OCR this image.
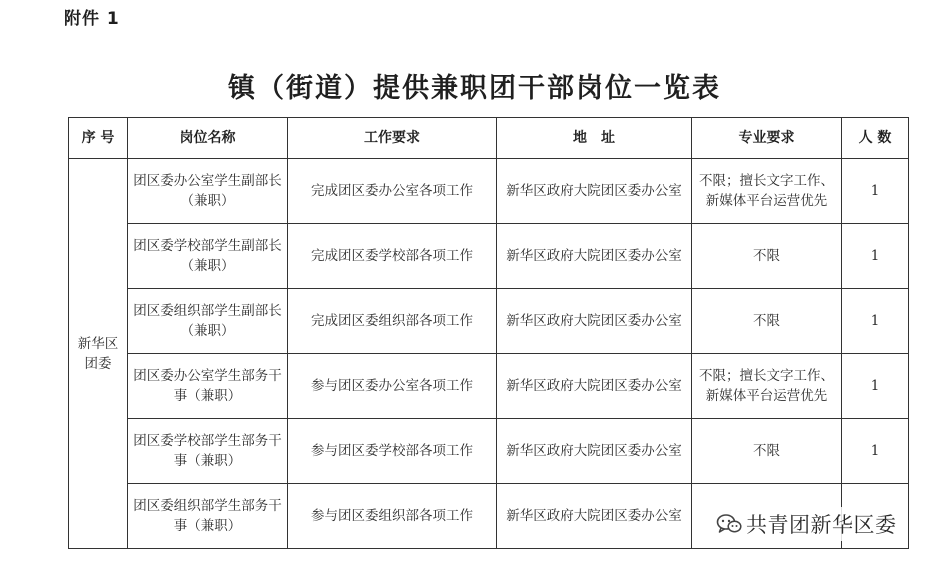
附件 1
镇（街道）提供兼职团干部岗位一览表
序 号	岗位名称	工作要求	地　址	专业要求	人 数

新华区团委	团区委办公室学生副部长（兼职）	完成团区委办公室各项工作	新华区政府大院团区委办公室	不限；擅长文字工作、新媒体平台运营优先	1
	团区委学校部学生副部长（兼职）	完成团区委学校部各项工作	新华区政府大院团区委办公室	不限	1
	团区委组织部学生副部长（兼职）	完成团区委组织部各项工作	新华区政府大院团区委办公室	不限	1
	团区委办公室学生部务干事（兼职）	参与团区委办公室各项工作	新华区政府大院团区委办公室	不限；擅长文字工作、新媒体平台运营优先	1
	团区委学校部学生部务干事（兼职）	参与团区委学校部各项工作	新华区政府大院团区委办公室	不限	1
	团区委组织部学生部务干事（兼职）	参与团区委组织部各项工作	新华区政府大院团区委办公室			共青团新华区委
